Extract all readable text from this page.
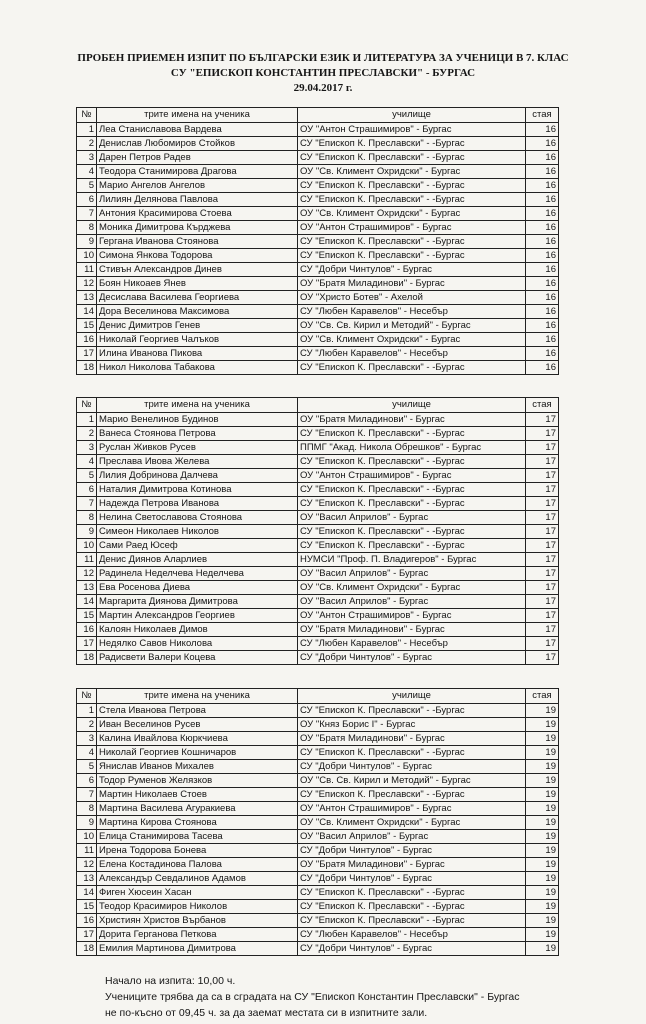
ПРОБЕН ПРИЕМЕН ИЗПИТ ПО БЪЛГАРСКИ ЕЗИК И ЛИТЕРАТУРА ЗА УЧЕНИЦИ В 7. КЛАС
СУ "ЕПИСКОП КОНСТАНТИН ПРЕСЛАВСКИ" - БУРГАС
29.04.2017 г.
№	трите имена на ученика	училище	стая
1	Леа Станиславова Вардева	ОУ "Антон Страшимиров" - Бургас	16
2	Денислав Любомиров Стойков	СУ "Епископ К. Преславски" - -Бургас	16
3	Дарен Петров Радев	СУ "Епископ К. Преславски" - -Бургас	16
4	Теодора Станимирова Драгова	ОУ "Св. Климент Охридски" - Бургас	16
5	Марио Ангелов Ангелов	СУ "Епископ К. Преславски" - -Бургас	16
6	Лилиян Делянова Павлова	СУ "Епископ К. Преславски" - -Бургас	16
7	Антония Красимирова Стоева	ОУ "Св. Климент Охридски" - Бургас	16
8	Моника Димитрова Кърджева	ОУ "Антон Страшимиров" - Бургас	16
9	Гергана Иванова Стоянова	СУ "Епископ К. Преславски" - -Бургас	16
10	Симона Янкова Тодорова	СУ "Епископ К. Преславски" - -Бургас	16
11	Стивън Александров Динев	СУ "Добри Чинтулов" - Бургас	16
12	Боян Никоаев Янев	ОУ "Братя Миладинови" - Бургас	16
13	Десислава Василева Георгиева	ОУ "Христо Ботев" - Ахелой	16
14	Дора Веселинова Максимова	СУ "Любен Каравелов" - Несебър	16
15	Денис Димитров Генев	ОУ "Св. Св. Кирил и Методий" - Бургас	16
16	Николай Георгиев Чалъков	ОУ "Св. Климент Охридски" - Бургас	16
17	Илина Иванова Пикова	СУ "Любен Каравелов" - Несебър	16
18	Никол Николова Табакова	СУ "Епископ К. Преславски" - -Бургас	16
№	трите имена на ученика	училище	стая
1	Марио Венелинов Будинов	ОУ "Братя Миладинови" - Бургас	17
2	Ванеса Стоянова Петрова	СУ "Епископ К. Преславски" - -Бургас	17
3	Руслан Живков Русев	ППМГ "Акад. Никола Обрешков" - Бургас	17
4	Преслава Ивова Желева	СУ "Епископ К. Преславски" - -Бургас	17
5	Лилия Добринова Далчева	ОУ "Антон Страшимиров" - Бургас	17
6	Наталия Димитрова Котинова	СУ "Епископ К. Преславски" - -Бургас	17
7	Надежда Петрова Иванова	СУ "Епископ К. Преславски" - -Бургас	17
8	Нелина Светославова Стоянова	ОУ "Васил Априлов" - Бургас	17
9	Симеон Николаев Николов	СУ "Епископ К. Преславски" - -Бургас	17
10	Сами Раед Юсеф	СУ "Епископ К. Преславски" - -Бургас	17
11	Денис Диянов Аларлиев	НУМСИ "Проф. П. Владигеров" - Бургас	17
12	Радинела Неделчева Неделчева	ОУ "Васил Априлов" - Бургас	17
13	Ева Росенова Диева	ОУ "Св. Климент Охридски" - Бургас	17
14	Маргарита Диянова Димитрова	ОУ "Васил Априлов" - Бургас	17
15	Мартин Александров Георгиев	ОУ "Антон Страшимиров" - Бургас	17
16	Калоян Николаев Димов	ОУ "Братя Миладинови" - Бургас	17
17	Недялко Савов Николова	СУ "Любен Каравелов" - Несебър	17
18	Радисвети Валери Коцева	СУ "Добри Чинтулов" - Бургас	17
№	трите имена на ученика	училище	стая
1	Стела Иванова Петрова	СУ "Епископ К. Преславски" - -Бургас	19
2	Иван Веселинов Русев	ОУ "Княз Борис I" - Бургас	19
3	Калина Ивайлова Кюркчиева	ОУ "Братя Миладинови" - Бургас	19
4	Николай Георгиев Кошничаров	СУ "Епископ К. Преславски" - -Бургас	19
5	Янислав Иванов Михалев	СУ "Добри Чинтулов" - Бургас	19
6	Тодор Руменов Желязков	ОУ "Св. Св. Кирил и Методий" - Бургас	19
7	Мартин Николаев Стоев	СУ "Епископ К. Преславски" - -Бургас	19
8	Мартина Василева Агуракиева	ОУ "Антон Страшимиров" - Бургас	19
9	Мартина Кирова Стоянова	ОУ "Св. Климент Охридски" - Бургас	19
10	Елица Станимирова Тасева	ОУ "Васил Априлов" - Бургас	19
11	Ирена Тодорова Бонева	СУ "Добри Чинтулов" - Бургас	19
12	Елена Костадинова Палова	ОУ "Братя Миладинови" - Бургас	19
13	Александър Севдалинов Адамов	СУ "Добри Чинтулов" - Бургас	19
14	Фиген Хюсеин Хасан	СУ "Епископ К. Преславски" - -Бургас	19
15	Теодор Красимиров Николов	СУ "Епископ К. Преславски" - -Бургас	19
16	Християн Христов Върбанов	СУ "Епископ К. Преславски" - -Бургас	19
17	Дорита Герганова Петкова	СУ "Любен Каравелов" - Несебър	19
18	Емилия Мартинова Димитрова	СУ "Добри Чинтулов" - Бургас	19
Начало на изпита: 10,00 ч.
Учениците трябва да са в сградата на СУ "Епископ Константин Преславски" - Бургас
не по-късно от 09,45 ч. за да заемат местата си в изпитните зали.
